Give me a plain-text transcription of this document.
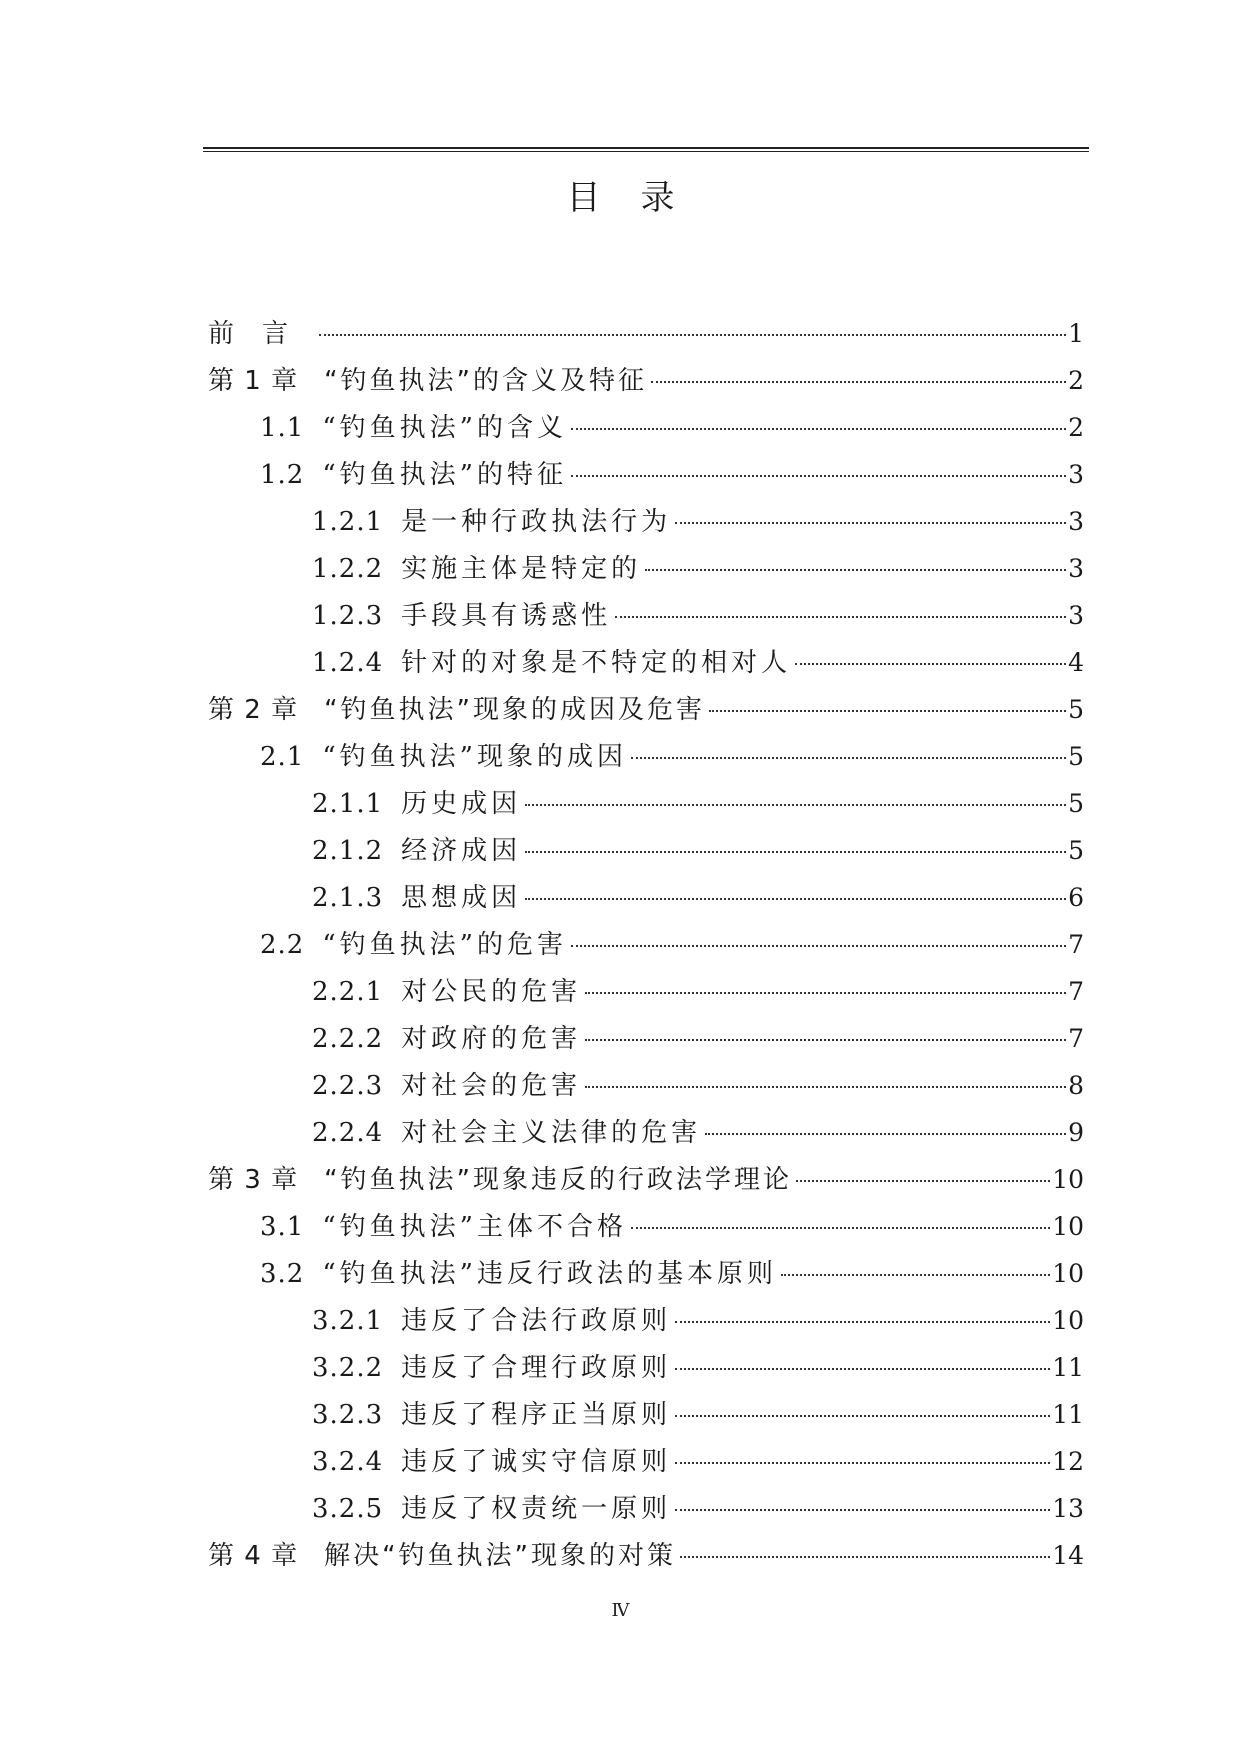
目录
前　言	1
第 1 章 “钓鱼执法”的含义及特征	2
1.1 “钓鱼执法”的含义	2
1.2 “钓鱼执法”的特征	3
1.2.1 是一种行政执法行为	3
1.2.2 实施主体是特定的	3
1.2.3 手段具有诱惑性	3
1.2.4 针对的对象是不特定的相对人	4
第 2 章 “钓鱼执法”现象的成因及危害	5
2.1 “钓鱼执法”现象的成因	5
2.1.1 历史成因	5
2.1.2 经济成因	5
2.1.3 思想成因	6
2.2 “钓鱼执法”的危害	7
2.2.1 对公民的危害	7
2.2.2 对政府的危害	7
2.2.3 对社会的危害	8
2.2.4 对社会主义法律的危害	9
第 3 章 “钓鱼执法”现象违反的行政法学理论	10
3.1 “钓鱼执法”主体不合格	10
3.2 “钓鱼执法”违反行政法的基本原则	10
3.2.1 违反了合法行政原则	10
3.2.2 违反了合理行政原则	11
3.2.3 违反了程序正当原则	11
3.2.4 违反了诚实守信原则	12
3.2.5 违反了权责统一原则	13
第 4 章 解决“钓鱼执法”现象的对策	14
Ⅳ
